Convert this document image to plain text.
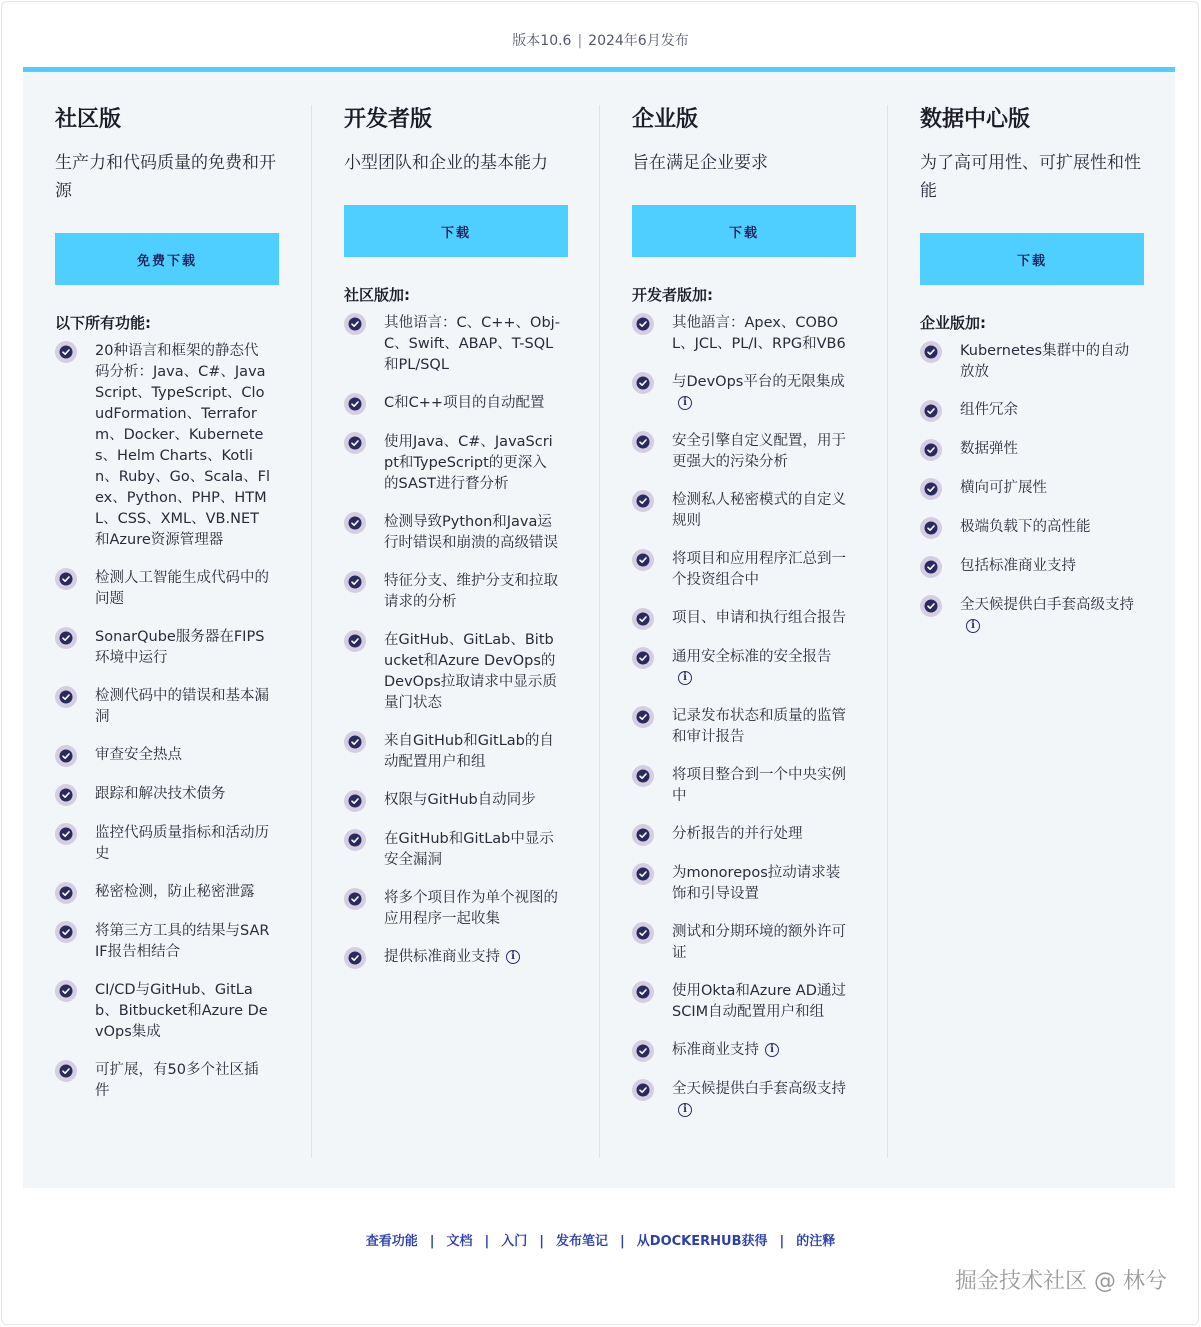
版本10.6 | 2024年6月发布
社区版
生产力和代码质量的免费和开源
免费下载
以下所有功能:
20种语言和框架的静态代码分析：Java、C#、JavaScript、TypeScript、CloudFormation、Terraform、Docker、Kubernetes、Helm Charts、Kotlin、Ruby、Go、Scala、Flex、Python、PHP、HTML、CSS、XML、VB.NET和Azure资源管理器
检测人工智能生成代码中的问题
SonarQube服务器在FIPS环境中运行
检测代码中的错误和基本漏洞
审查安全热点
跟踪和解决技术债务
监控代码质量指标和活动历史
秘密检测，防止秘密泄露
将第三方工具的结果与SARIF报告相结合
CI/CD与GitHub、GitLab、Bitbucket和Azure DevOps集成
可扩展，有50多个社区插件
开发者版
小型团队和企业的基本能力
下载
社区版加:
其他语言：C、C++、Obj-C、Swift、ABAP、T-SQL和PL/SQL
C和C++项目的自动配置
使用Java、C#、JavaScript和TypeScript的更深入的SAST进行瞀分析
检测导致Python和Java运行时错误和崩溃的高级错误
特征分支、维护分支和拉取请求的分析
在GitHub、GitLab、Bitbucket和Azure DevOps的DevOps拉取请求中显示质量门状态
来自GitHub和GitLab的自动配置用户和组
权限与GitHub自动同步
在GitHub和GitLab中显示安全漏洞
将多个项目作为单个视图的应用程序一起收集
提供标准商业支持 i
企业版
旨在满足企业要求
下载
开发者版加:
其他語言：Apex、COBOL、JCL、PL/I、RPG和VB6
与DevOps平台的无限集成i
安全引擎自定义配置，用于更强大的污染分析
检测私人秘密模式的自定义规则
将项目和应用程序汇总到一个投资组合中
项目、申请和执行组合报告
通用安全标准的安全报告i
记录发布状态和质量的监管和审计报告
将项目整合到一个中央实例中
分析报告的并行处理
为monorepos拉动请求装饰和引导设置
测试和分期环境的额外许可证
使用Okta和Azure AD通过SCIM自动配置用户和组
标准商业支持 i
全天候提供白手套高级支持i
数据中心版
为了高可用性、可扩展性和性能
下载
企业版加:
Kubernetes集群中的自动放放
组件冗余
数据弹性
横向可扩展性
极端负载下的高性能
包括标准商业支持
全天候提供白手套高级支持i
查看功能 | 文档 | 入门 | 发布笔记 | 从DOCKERHUB获得 | 的注释
掘金技术社区 @ 林兮
